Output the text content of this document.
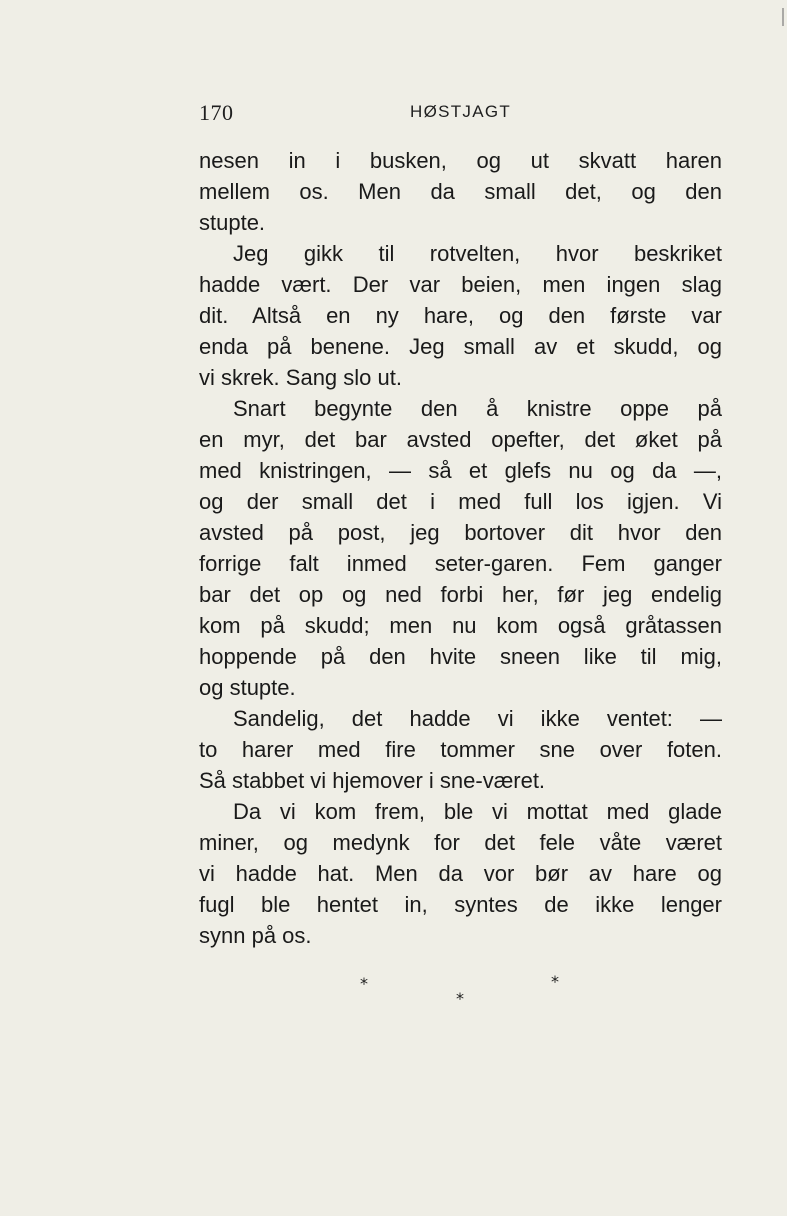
170	HØSTJAGT
nesen in i busken, og ut skvatt haren
mellem os. Men da small det, og den
stupte.
Jeg gikk til rotvelten, hvor beskriket
hadde vært. Der var beien, men ingen slag
dit. Altså en ny hare, og den første var
enda på benene. Jeg small av et skudd, og
vi skrek. Sang slo ut.
Snart begynte den å knistre oppe på
en myr, det bar avsted opefter, det øket på
med knistringen, — så et glefs nu og da —,
og der small det i med full los igjen. Vi
avsted på post, jeg bortover dit hvor den
forrige falt inmed seter-garen. Fem ganger
bar det op og ned forbi her, før jeg endelig
kom på skudd; men nu kom også gråtassen
hoppende på den hvite sneen like til mig,
og stupte.
Sandelig, det hadde vi ikke ventet: —
to harer med fire tommer sne over foten.
Så stabbet vi hjemover i sne-været.
Da vi kom frem, ble vi mottat med glade
miner, og medynk for det fele våte været
vi hadde hat. Men da vor bør av hare og
fugl ble hentet in, syntes de ikke lenger
synn på os.
*	*
*
